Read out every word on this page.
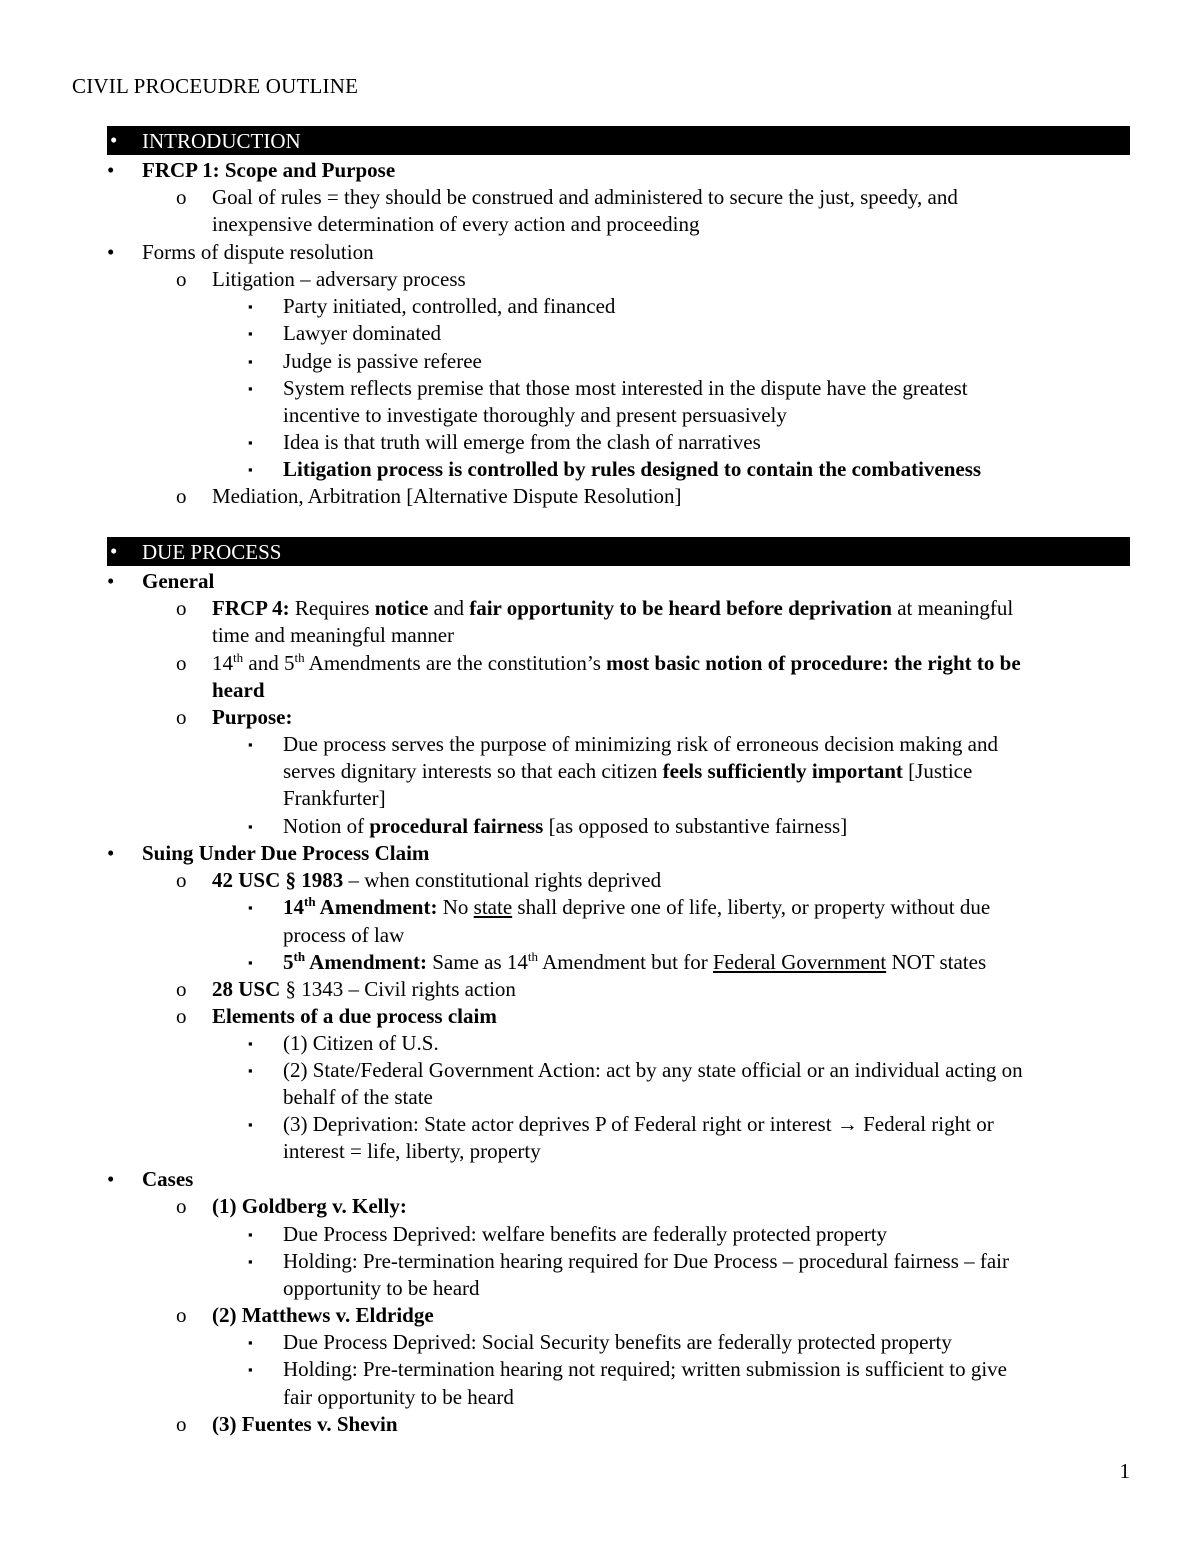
CIVIL PROCEUDRE OUTLINE
• INTRODUCTION
• FRCP 1: Scope and Purpose
o Goal of rules = they should be construed and administered to secure the just, speedy, and
inexpensive determination of every action and proceeding
• Forms of dispute resolution
o Litigation – adversary process
▪ Party initiated, controlled, and financed
▪ Lawyer dominated
▪ Judge is passive referee
▪ System reflects premise that those most interested in the dispute have the greatest
incentive to investigate thoroughly and present persuasively
▪ Idea is that truth will emerge from the clash of narratives
▪ Litigation process is controlled by rules designed to contain the combativeness
o Mediation, Arbitration [Alternative Dispute Resolution]
• DUE PROCESS
• General
o FRCP 4: Requires notice and fair opportunity to be heard before deprivation at meaningful
time and meaningful manner
o 14th and 5th Amendments are the constitution’s most basic notion of procedure: the right to be
heard
o Purpose:
▪ Due process serves the purpose of minimizing risk of erroneous decision making and
serves dignitary interests so that each citizen feels sufficiently important [Justice
Frankfurter]
▪ Notion of procedural fairness [as opposed to substantive fairness]
• Suing Under Due Process Claim
o 42 USC § 1983 – when constitutional rights deprived
▪ 14th Amendment: No state shall deprive one of life, liberty, or property without due
process of law
▪ 5th Amendment: Same as 14th Amendment but for Federal Government NOT states
o 28 USC § 1343 – Civil rights action
o Elements of a due process claim
▪ (1) Citizen of U.S.
▪ (2) State/Federal Government Action: act by any state official or an individual acting on
behalf of the state
▪ (3) Deprivation: State actor deprives P of Federal right or interest → Federal right or
interest = life, liberty, property
• Cases
o (1) Goldberg v. Kelly:
▪ Due Process Deprived: welfare benefits are federally protected property
▪ Holding: Pre-termination hearing required for Due Process – procedural fairness – fair
opportunity to be heard
o (2) Matthews v. Eldridge
▪ Due Process Deprived: Social Security benefits are federally protected property
▪ Holding: Pre-termination hearing not required; written submission is sufficient to give
fair opportunity to be heard
o (3) Fuentes v. Shevin
1
